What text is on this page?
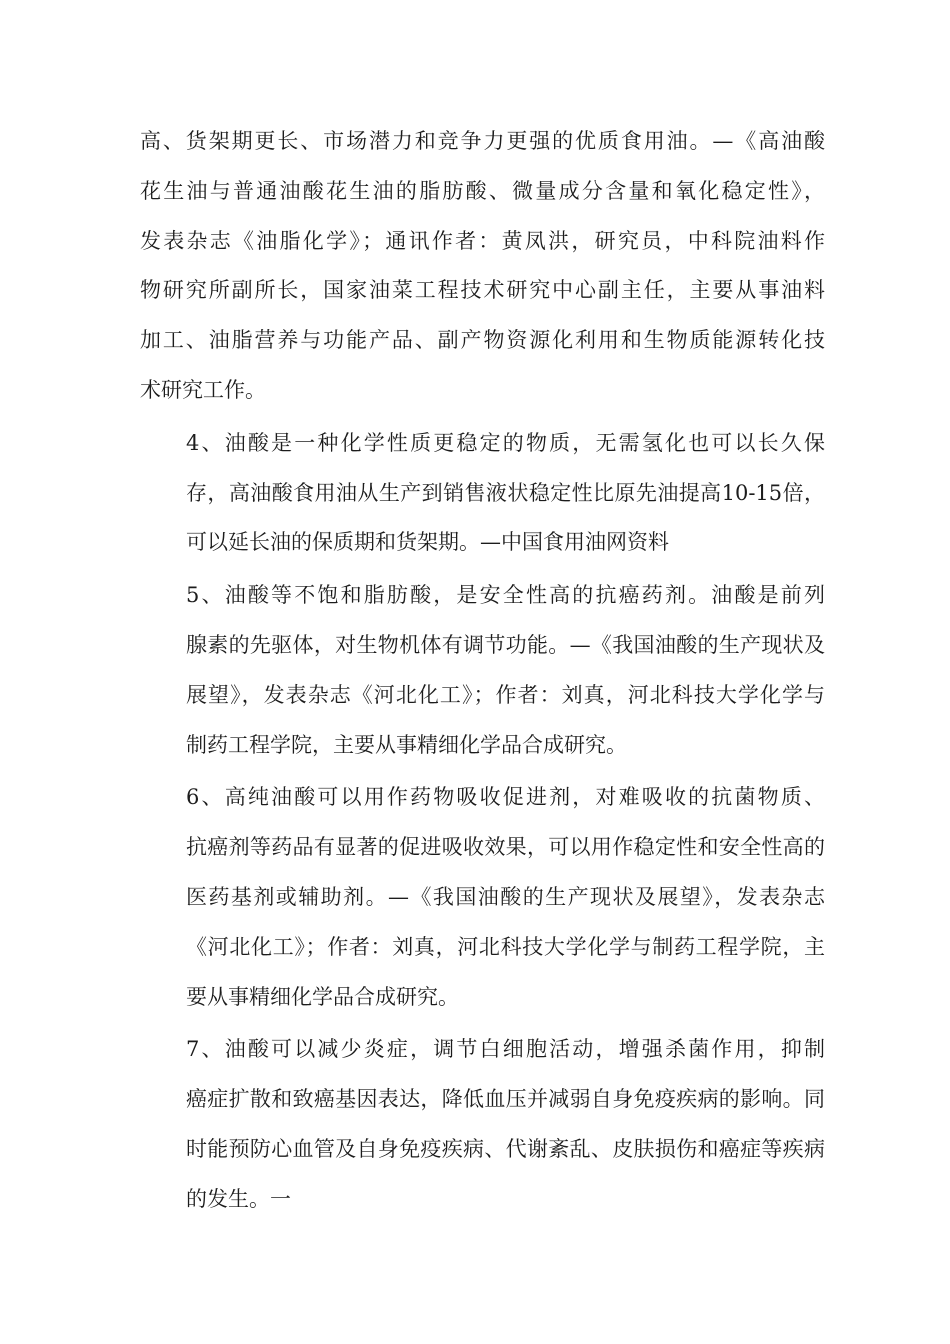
高、货架期更长、市场潜力和竞争力更强的优质食用油。—《高油酸
花生油与普通油酸花生油的脂肪酸、微量成分含量和氧化稳定性》，
发表杂志《油脂化学》；通讯作者：黄凤洪，研究员，中科院油料作
物研究所副所长，国家油菜工程技术研究中心副主任，主要从事油料
加工、油脂营养与功能产品、副产物资源化利用和生物质能源转化技
术研究工作。

4、油酸是一种化学性质更稳定的物质，无需氢化也可以长久保
存，高油酸食用油从生产到销售液状稳定性比原先油提高10-15倍，
可以延长油的保质期和货架期。—中国食用油网资料

5、油酸等不饱和脂肪酸，是安全性高的抗癌药剂。油酸是前列
腺素的先驱体，对生物机体有调节功能。—《我国油酸的生产现状及
展望》，发表杂志《河北化工》；作者：刘真，河北科技大学化学与
制药工程学院，主要从事精细化学品合成研究。

6、高纯油酸可以用作药物吸收促进剂，对难吸收的抗菌物质、
抗癌剂等药品有显著的促进吸收效果，可以用作稳定性和安全性高的
医药基剂或辅助剂。—《我国油酸的生产现状及展望》，发表杂志
《河北化工》；作者：刘真，河北科技大学化学与制药工程学院，主
要从事精细化学品合成研究。

7、油酸可以减少炎症，调节白细胞活动，增强杀菌作用，抑制
癌症扩散和致癌基因表达，降低血压并减弱自身免疫疾病的影响。同
时能预防心血管及自身免疫疾病、代谢紊乱、皮肤损伤和癌症等疾病
的发生。一
